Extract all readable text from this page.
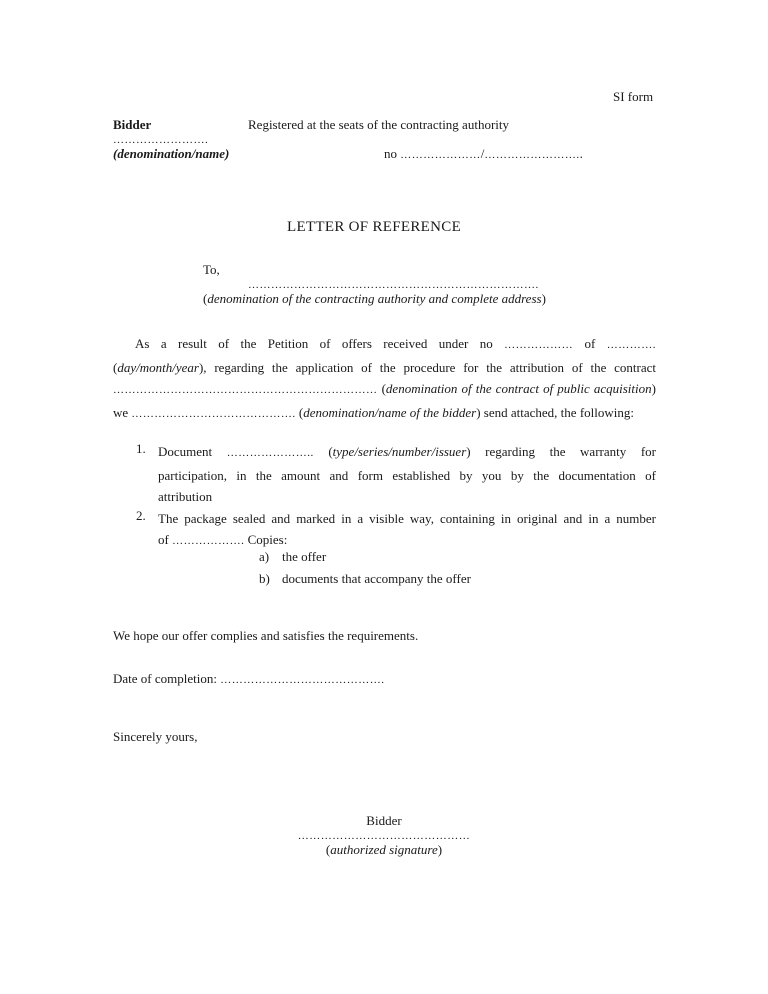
SI form
Bidder	Registered at the seats of the contracting authority
…………………….
(denomination/name)	no …………………/……………………..
LETTER OF REFERENCE
To,
………………………………………………………………….
(denomination of the contracting authority and complete address)
As a result of the Petition of offers received under no ……………… of ………….
(day/month/year), regarding the application of the procedure for the attribution of the contract
…………………………………………………………… (denomination of the contract of public acquisition)
we ……………………………………. (denomination/name of the bidder) send attached, the following:
1. Document ………………….. (type/series/number/issuer) regarding the warranty for
participation, in the amount and form established by you by the documentation of
attribution
2. The package sealed and marked in a visible way, containing in original and in a number
of ………………. Copies:
a) the offer
b) documents that accompany the offer
We hope our offer complies and satisfies the requirements.
Date of completion: …………………………………….
Sincerely yours,
Bidder
………………………………………
(authorized signature)
